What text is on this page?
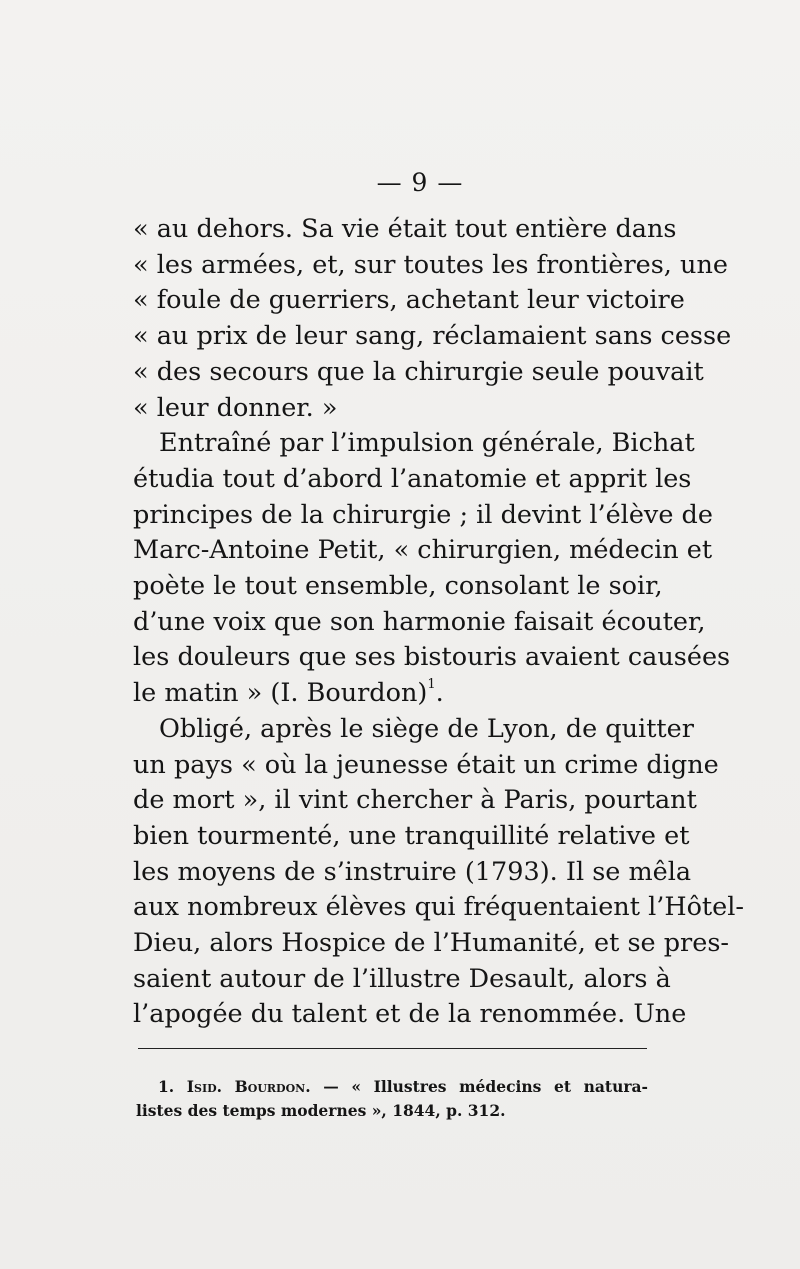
— 9 —
« au dehors. Sa vie était tout entière dans
« les armées, et, sur toutes les frontières, une
« foule de guerriers, achetant leur victoire
« au prix de leur sang, réclamaient sans cesse
« des secours que la chirurgie seule pouvait
« leur donner. »
Entraîné par l’impulsion générale, Bichat
étudia tout d’abord l’anatomie et apprit les
principes de la chirurgie ; il devint l’élève de
Marc-Antoine Petit, « chirurgien, médecin et
poète le tout ensemble, consolant le soir,
d’une voix que son harmonie faisait écouter,
les douleurs que ses bistouris avaient causées
le matin » (I. Bourdon)$^1$.
Obligé, après le siège de Lyon, de quitter
un pays « où la jeunesse était un crime digne
de mort », il vint chercher à Paris, pourtant
bien tourmenté, une tranquillité relative et
les moyens de s’instruire (1793). Il se mêla
aux nombreux élèves qui fréquentaient l’Hôtel-
Dieu, alors Hospice de l’Humanité, et se pres-
saient autour de l’illustre Desault, alors à
l’apogée du talent et de la renommée. Une
1. Isid. Bourdon. — « Illustres médecins et natura-
listes des temps modernes », 1844, p. 312.
